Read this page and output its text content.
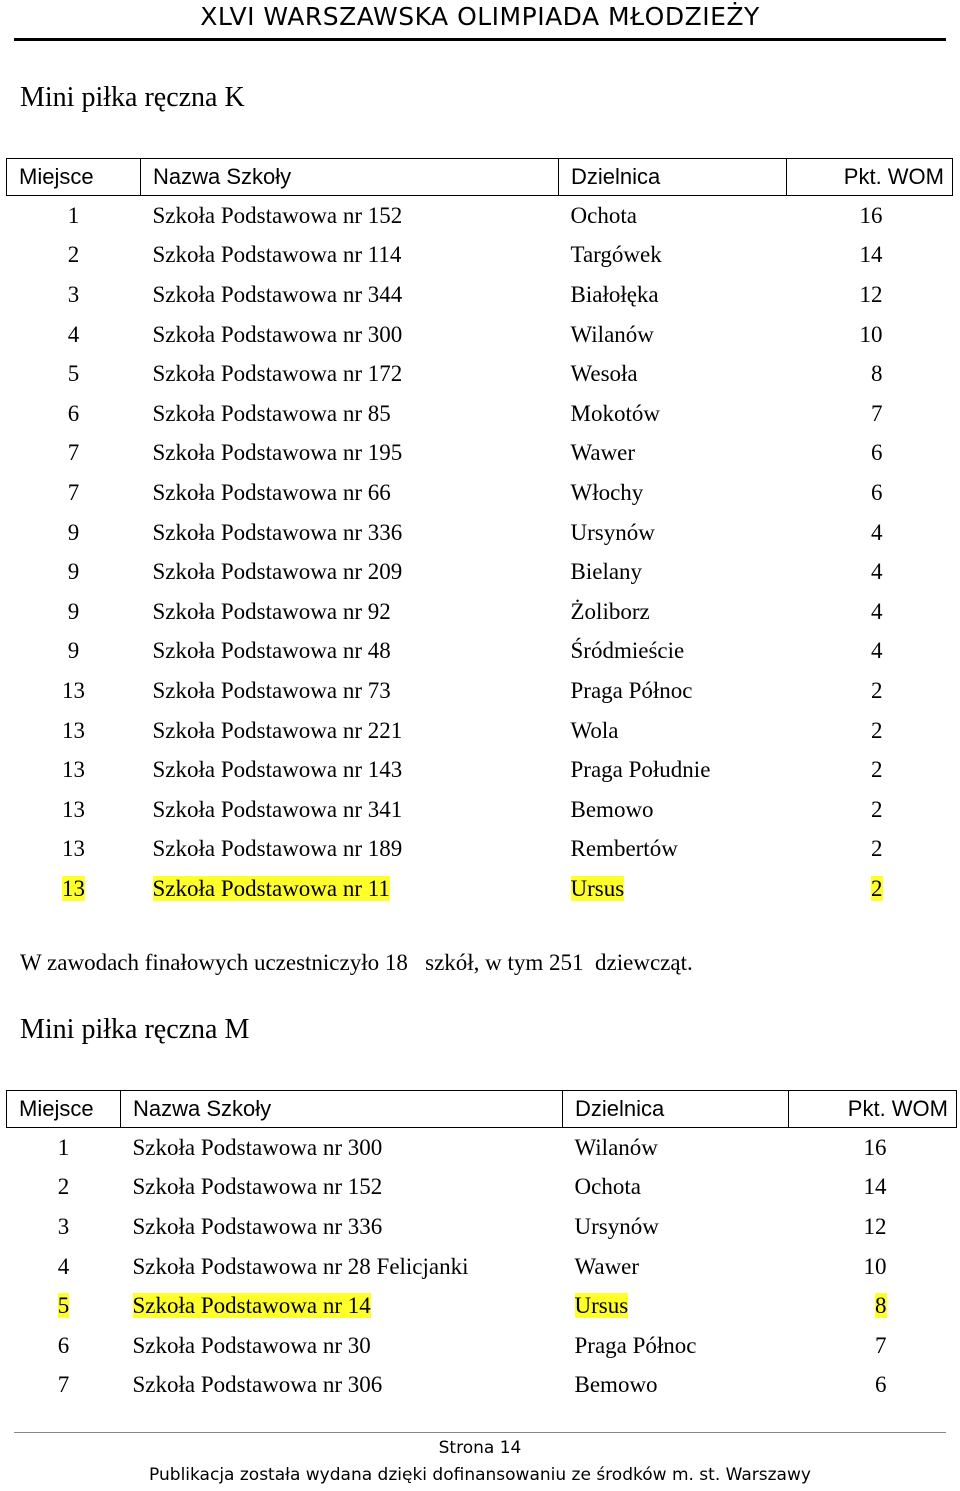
XLVI WARSZAWSKA OLIMPIADA MŁODZIEŻY
Mini piłka ręczna K
Miejsce	Nazwa Szkoły	Dzielnica	Pkt. WOM
1	Szkoła Podstawowa nr 152	Ochota	16
2	Szkoła Podstawowa nr 114	Targówek	14
3	Szkoła Podstawowa nr 344	Białołęka	12
4	Szkoła Podstawowa nr 300	Wilanów	10
5	Szkoła Podstawowa nr 172	Wesoła	8
6	Szkoła Podstawowa nr 85	Mokotów	7
7	Szkoła Podstawowa nr 195	Wawer	6
7	Szkoła Podstawowa nr 66	Włochy	6
9	Szkoła Podstawowa nr 336	Ursynów	4
9	Szkoła Podstawowa nr 209	Bielany	4
9	Szkoła Podstawowa nr 92	Żoliborz	4
9	Szkoła Podstawowa nr 48	Śródmieście	4
13	Szkoła Podstawowa nr 73	Praga Północ	2
13	Szkoła Podstawowa nr 221	Wola	2
13	Szkoła Podstawowa nr 143	Praga Południe	2
13	Szkoła Podstawowa nr 341	Bemowo	2
13	Szkoła Podstawowa nr 189	Rembertów	2
13	Szkoła Podstawowa nr 11	Ursus	2
W zawodach finałowych uczestniczyło 18   szkół, w tym 251  dziewcząt.
Mini piłka ręczna M
Miejsce	Nazwa Szkoły	Dzielnica	Pkt. WOM
1	Szkoła Podstawowa nr 300	Wilanów	16
2	Szkoła Podstawowa nr 152	Ochota	14
3	Szkoła Podstawowa nr 336	Ursynów	12
4	Szkoła Podstawowa nr 28 Felicjanki	Wawer	10
5	Szkoła Podstawowa nr 14	Ursus	8
6	Szkoła Podstawowa nr 30	Praga Północ	7
7	Szkoła Podstawowa nr 306	Bemowo	6
Strona 14
Publikacja została wydana dzięki dofinansowaniu ze środków m. st. Warszawy
